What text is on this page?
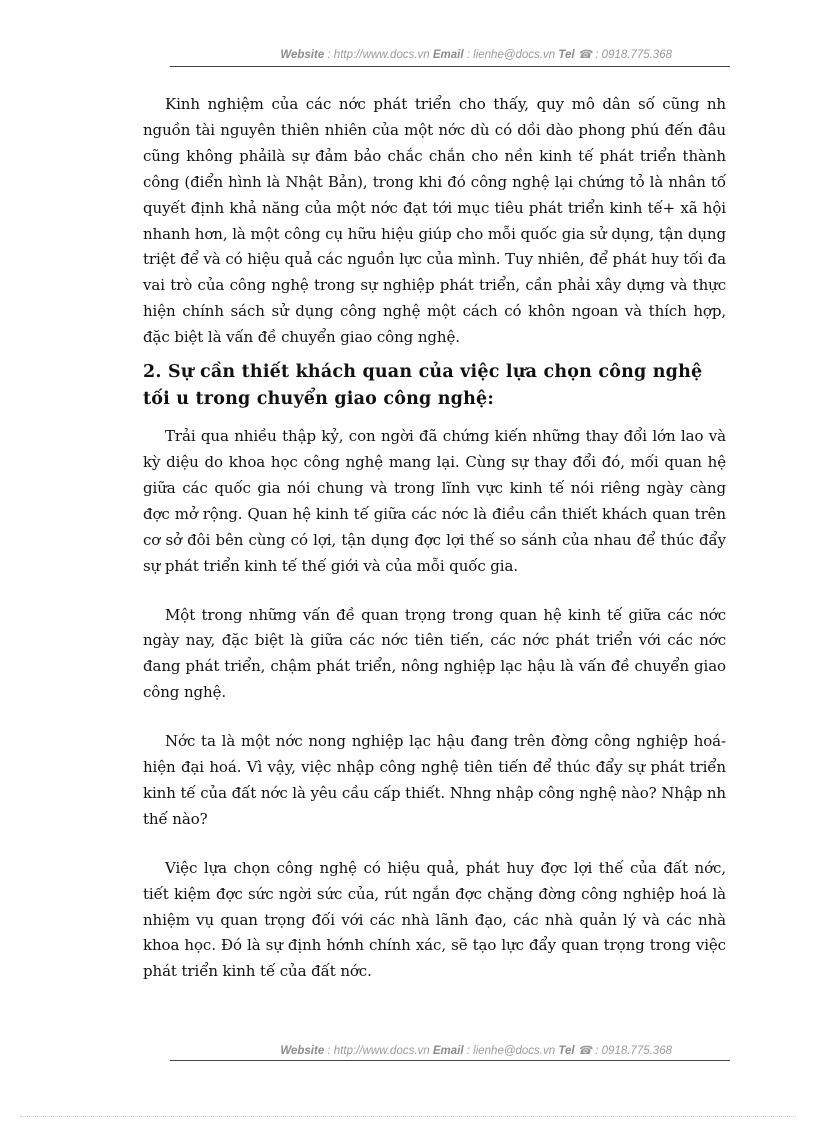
Website : http://www.docs.vn Email : lienhe@docs.vn Tel ☎ : 0918.775.368

Kinh nghiệm của các nớc phát triển cho thấy, quy mô dân số cũng nh nguồn tài nguyên thiên nhiên của một nớc dù có dồi dào phong phú đến đâu cũng không phảilà sự đảm bảo chắc chắn cho nền kinh tế phát triển thành công (điển hình là Nhật Bản), trong khi đó công nghệ lại chứng tỏ là nhân tố quyết định khả năng của một nớc đạt tới mục tiêu phát triển kinh tế+ xã hội nhanh hơn, là một công cụ hữu hiệu giúp cho mỗi quốc gia sử dụng, tận dụng triệt để và có hiệu quả các nguồn lực của mình. Tuy nhiên, để phát huy tối đa vai trò của công nghệ trong sự nghiệp phát triển, cần phải xây dựng và thực hiện chính sách sử dụng công nghệ một cách có khôn ngoan và thích hợp, đặc biệt là vấn đề chuyển giao công nghệ.

2. Sự cần thiết khách quan của việc lựa chọn công nghệ tối u trong chuyển giao công nghệ:

Trải qua nhiều thập kỷ, con ngời đã chứng kiến những thay đổi lớn lao và kỳ diệu do khoa học công nghệ mang lại. Cùng sự thay đổi đó, mối quan hệ giữa các quốc gia nói chung và trong lĩnh vực kinh tế nói riêng ngày càng đợc mở rộng. Quan hệ kinh tế giữa các nớc là điều cần thiết khách quan trên cơ sở đôi bên cùng có lợi, tận dụng đợc lợi thế so sánh của nhau để thúc đẩy sự phát triển kinh tế thế giới và của mỗi quốc gia.

Một trong những vấn đề quan trọng trong quan hệ kinh tế giữa các nớc ngày nay, đặc biệt là giữa các nớc tiên tiến, các nớc phát triển với các nớc đang phát triển, chậm phát triển, nông nghiệp lạc hậu là vấn đề chuyển giao công nghệ.

Nớc ta là một nớc nong nghiệp lạc hậu đang trên đờng công nghiệp hoá- hiện đại hoá. Vì vậy, việc nhập công nghệ tiên tiến để thúc đẩy sự phát triển kinh tế của đất nớc là yêu cầu cấp thiết. Nhng nhập công nghệ nào? Nhập nh thế nào?

Việc lựa chọn công nghệ có hiệu quả, phát huy đợc lợi thế của đất nớc, tiết kiệm đợc sức ngời sức của, rút ngắn đợc chặng đờng công nghiệp hoá là nhiệm vụ quan trọng đối với các nhà lãnh đạo, các nhà quản lý và các nhà khoa học. Đó là sự định hớnh chính xác, sẽ tạo lực đẩy quan trọng trong việc phát triển kinh tế của đất nớc.

Website : http://www.docs.vn Email : lienhe@docs.vn Tel ☎ : 0918.775.368
